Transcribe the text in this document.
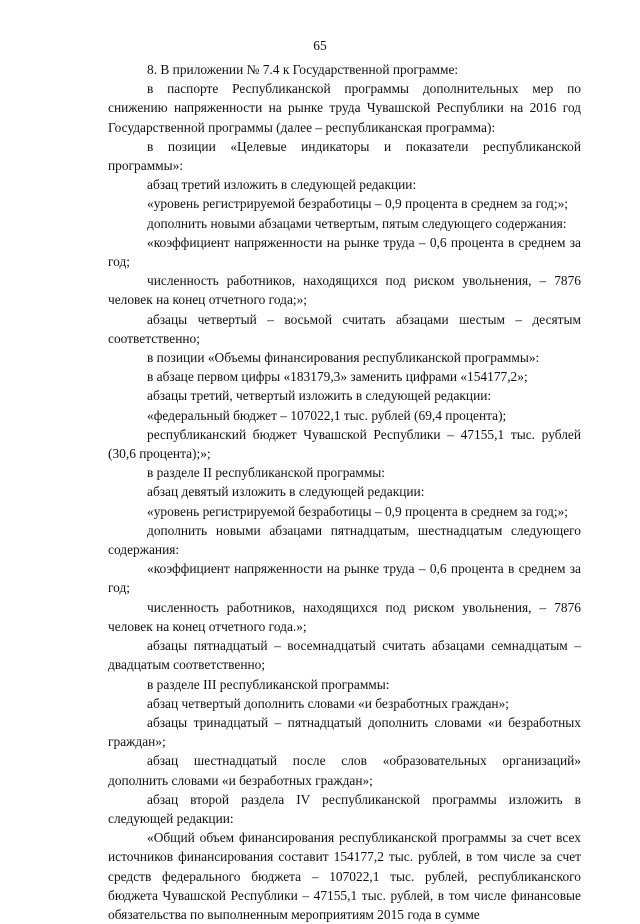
65

8. В приложении № 7.4 к Государственной программе:

в паспорте Республиканской программы дополнительных мер по снижению напряженности на рынке труда Чувашской Республики на 2016 год Государственной программы (далее – республиканская программа):

в позиции «Целевые индикаторы и показатели республиканской программы»:

абзац третий изложить в следующей редакции:

«уровень регистрируемой безработицы – 0,9 процента в среднем за год;»;

дополнить новыми абзацами четвертым, пятым следующего содержания:

«коэффициент напряженности на рынке труда – 0,6 процента в среднем за год;

численность работников, находящихся под риском увольнения, – 7876 человек на конец отчетного года;»;

абзацы четвертый – восьмой считать абзацами шестым – десятым соответственно;

в позиции «Объемы финансирования республиканской программы»:

в абзаце первом цифры «183179,3» заменить цифрами «154177,2»;

абзацы третий, четвертый изложить в следующей редакции:

«федеральный бюджет – 107022,1 тыс. рублей (69,4 процента);

республиканский бюджет Чувашской Республики – 47155,1 тыс. рублей (30,6 процента);»;

в разделе II республиканской программы:

абзац девятый изложить в следующей редакции:

«уровень регистрируемой безработицы – 0,9 процента в среднем за год;»;

дополнить новыми абзацами пятнадцатым, шестнадцатым следующего содержания:

«коэффициент напряженности на рынке труда – 0,6 процента в среднем за год;

численность работников, находящихся под риском увольнения, – 7876 человек на конец отчетного года.»;

абзацы пятнадцатый – восемнадцатый считать абзацами семнадцатым – двадцатым соответственно;

в разделе III республиканской программы:

абзац четвертый дополнить словами «и безработных граждан»;

абзацы тринадцатый – пятнадцатый дополнить словами «и безработных граждан»;

абзац шестнадцатый после слов «образовательных организаций» дополнить словами «и безработных граждан»;

абзац второй раздела IV республиканской программы изложить в следующей редакции:

«Общий объем финансирования республиканской программы за счет всех источников финансирования составит 154177,2 тыс. рублей, в том числе за счет средств федерального бюджета – 107022,1 тыс. рублей, республиканского бюджета Чувашской Республики – 47155,1 тыс. рублей, в том числе финансовые обязательства по выполненным мероприятиям 2015 года в сумме
